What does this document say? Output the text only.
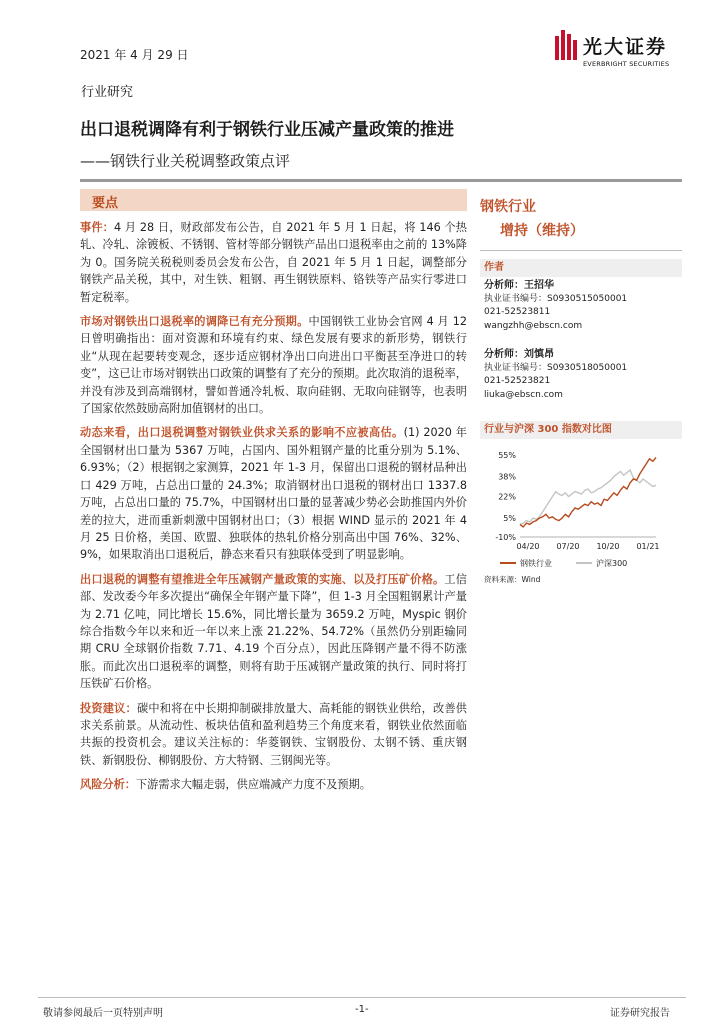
2021 年 4 月 29 日	光大证券
EVERBRIGHT SECURITIES
行业研究
出口退税调降有利于钢铁行业压减产量政策的推进
——钢铁行业关税调整政策点评
要点

事件：4 月 28 日，财政部发布公告，自 2021 年 5 月 1 日起，将 146 个热轧、冷轧、涂镀板、不锈钢、管材等部分钢铁产品出口退税率由之前的 13%降为 0。国务院关税税则委员会发布公告，自 2021 年 5 月 1 日起，调整部分钢铁产品关税，其中，对生铁、粗钢、再生钢铁原料、铬铁等产品实行零进口暂定税率。

市场对钢铁出口退税率的调降已有充分预期。中国钢铁工业协会官网 4 月 12 日曾明确指出：面对资源和环境有约束、绿色发展有要求的新形势，钢铁行业“从现在起要转变观念，逐步适应钢材净出口向进出口平衡甚至净进口的转变”，这已让市场对钢铁出口政策的调整有了充分的预期。此次取消的退税率，并没有涉及到高端钢材，譬如普通冷轧板、取向硅钢、无取向硅钢等，也表明了国家依然鼓励高附加值钢材的出口。

动态来看，出口退税调整对钢铁业供求关系的影响不应被高估。(1) 2020 年全国钢材出口量为 5367 万吨，占国内、国外粗钢产量的比重分别为 5.1%、6.93%；（2）根据钢之家测算，2021 年 1-3 月，保留出口退税的钢材品种出口 429 万吨，占总出口量的 24.3%；取消钢材出口退税的钢材出口 1337.8 万吨，占总出口量的 75.7%，中国钢材出口量的显著减少势必会助推国内外价差的拉大，进而重新刺激中国钢材出口；（3）根据 WIND 显示的 2021 年 4 月 25 日价格，美国、欧盟、独联体的热轧价格分别高出中国 76%、32%、9%，如果取消出口退税后，静态来看只有独联体受到了明显影响。

出口退税的调整有望推进全年压减钢产量政策的实施、以及打压矿价格。工信部、发改委今年多次提出“确保全年钢产量下降”，但 1-3 月全国粗钢累计产量为 2.71 亿吨，同比增长 15.6%，同比增长量为 3659.2 万吨，Myspic 钢价综合指数今年以来和近一年以来上涨 21.22%、54.72%（虽然仍分别距输同期 CRU 全球钢价指数 7.71、4.19 个百分点），因此压降钢产量不得不防涨胀。而此次出口退税率的调整，则将有助于压减钢产量政策的执行、同时将打压铁矿石价格。

投资建议：碳中和将在中长期抑制碳排放量大、高耗能的钢铁业供给，改善供求关系前景。从流动性、板块估值和盈利趋势三个角度来看，钢铁业依然面临共振的投资机会。建议关注标的：华菱钢铁、宝钢股份、太钢不锈、重庆钢铁、新钢股份、柳钢股份、方大特钢、三钢闽光等。

风险分析：下游需求大幅走弱，供应端减产力度不及预期。

钢铁行业
增持（维持）
作者
分析师：王招华
执业证书编号：S0930515050001
021-52523811
wangzhh@ebscn.com
分析师：刘慎昂
执业证书编号：S0930518050001
021-52523821
liuka@ebscn.com
行业与沪深 300 指数对比图
55%
38%
22%
5%
-10%
04/20 07/20 10/20 01/21
钢铁行业	沪深300
资料来源：Wind
敬请参阅最后一页特别声明	-1-	证券研究报告
